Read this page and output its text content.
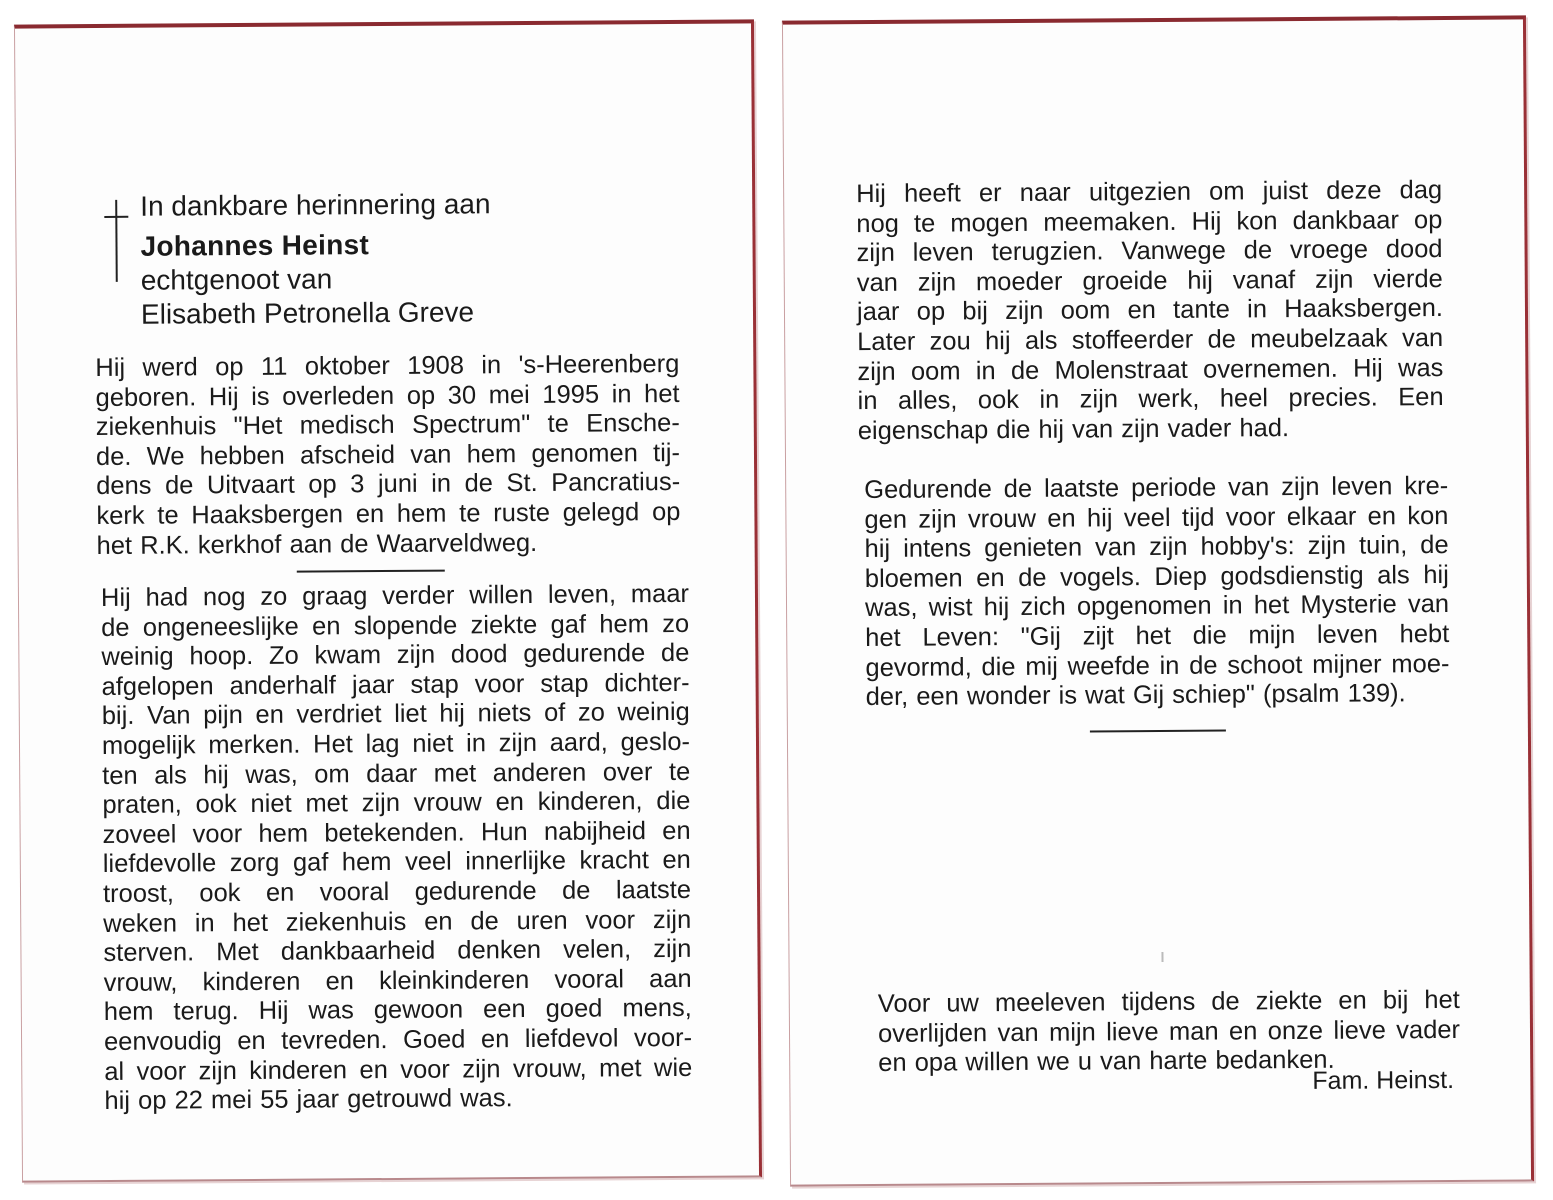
In dankbare herinnering aan
Johannes Heinst
echtgenoot van
Elisabeth Petronella Greve
Hij werd op 11 oktober 1908 in 's-Heerenberg
geboren. Hij is overleden op 30 mei 1995 in het
ziekenhuis "Het medisch Spectrum" te Ensche-
de. We hebben afscheid van hem genomen tij-
dens de Uitvaart op 3 juni in de St. Pancratius-
kerk te Haaksbergen en hem te ruste gelegd op
het R.K. kerkhof aan de Waarveldweg.
Hij had nog zo graag verder willen leven, maar
de ongeneeslijke en slopende ziekte gaf hem zo
weinig hoop. Zo kwam zijn dood gedurende de
afgelopen anderhalf jaar stap voor stap dichter-
bij. Van pijn en verdriet liet hij niets of zo weinig
mogelijk merken. Het lag niet in zijn aard, geslo-
ten als hij was, om daar met anderen over te
praten, ook niet met zijn vrouw en kinderen, die
zoveel voor hem betekenden. Hun nabijheid en
liefdevolle zorg gaf hem veel innerlijke kracht en
troost, ook en vooral gedurende de laatste
weken in het ziekenhuis en de uren voor zijn
sterven. Met dankbaarheid denken velen, zijn
vrouw, kinderen en kleinkinderen vooral aan
hem terug. Hij was gewoon een goed mens,
eenvoudig en tevreden. Goed en liefdevol voor-
al voor zijn kinderen en voor zijn vrouw, met wie
hij op 22 mei 55 jaar getrouwd was.
Hij heeft er naar uitgezien om juist deze dag
nog te mogen meemaken. Hij kon dankbaar op
zijn leven terugzien. Vanwege de vroege dood
van zijn moeder groeide hij vanaf zijn vierde
jaar op bij zijn oom en tante in Haaksbergen.
Later zou hij als stoffeerder de meubelzaak van
zijn oom in de Molenstraat overnemen. Hij was
in alles, ook in zijn werk, heel precies. Een
eigenschap die hij van zijn vader had.
Gedurende de laatste periode van zijn leven kre-
gen zijn vrouw en hij veel tijd voor elkaar en kon
hij intens genieten van zijn hobby's: zijn tuin, de
bloemen en de vogels. Diep godsdienstig als hij
was, wist hij zich opgenomen in het Mysterie van
het Leven: "Gij zijt het die mijn leven hebt
gevormd, die mij weefde in de schoot mijner moe-
der, een wonder is wat Gij schiep" (psalm 139).
Voor uw meeleven tijdens de ziekte en bij het
overlijden van mijn lieve man en onze lieve vader
en opa willen we u van harte bedanken.
Fam. Heinst.
